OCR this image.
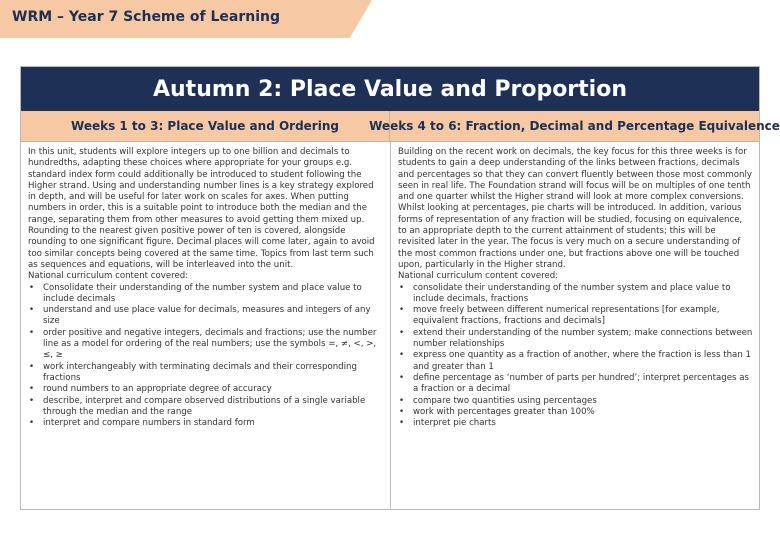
WRM – Year 7 Scheme of Learning
Autumn 2: Place Value and Proportion
Weeks 1 to 3: Place Value and Ordering	Weeks 4 to 6: Fraction, Decimal and Percentage Equivalence

In this unit, students will explore integers up to one billion and decimals to hundredths, adapting these choices where appropriate for your groups e.g. standard index form could additionally be introduced to student following the Higher strand. Using and understanding number lines is a key strategy explored in depth, and will be useful for later work on scales for axes. When putting numbers in order, this is a suitable point to introduce both the median and the range, separating them from other measures to avoid getting them mixed up. Rounding to the nearest given positive power of ten is covered, alongside rounding to one significant figure. Decimal places will come later, again to avoid too similar concepts being covered at the same time. Topics from last term such as sequences and equations, will be interleaved into the unit.

National curriculum content covered:

• Consolidate their understanding of the number system and place value to include decimals
• understand and use place value for decimals, measures and integers of any size
• order positive and negative integers, decimals and fractions; use the number line as a model for ordering of the real numbers; use the symbols =, ≠, <, >, ≤, ≥
• work interchangeably with terminating decimals and their corresponding fractions
• round numbers to an appropriate degree of accuracy
• describe, interpret and compare observed distributions of a single variable through the median and the range
• interpret and compare numbers in standard form

Building on the recent work on decimals, the key focus for this three weeks is for students to gain a deep understanding of the links between fractions, decimals and percentages so that they can convert fluently between those most commonly seen in real life. The Foundation strand will focus will be on multiples of one tenth and one quarter whilst the Higher strand will look at more complex conversions. Whilst looking at percentages, pie charts will be introduced. In addition, various forms of representation of any fraction will be studied, focusing on equivalence, to an appropriate depth to the current attainment of students; this will be revisited later in the year. The focus is very much on a secure understanding of the most common fractions under one, but fractions above one will be touched upon, particularly in the Higher strand.

National curriculum content covered:

• consolidate their understanding of the number system and place value to include decimals, fractions
• move freely between different numerical representations [for example, equivalent fractions, fractions and decimals]
• extend their understanding of the number system; make connections between number relationships
• express one quantity as a fraction of another, where the fraction is less than 1 and greater than 1
• define percentage as ‘number of parts per hundred’; interpret percentages as a fraction or a decimal
• compare two quantities using percentages
• work with percentages greater than 100%
• interpret pie charts
